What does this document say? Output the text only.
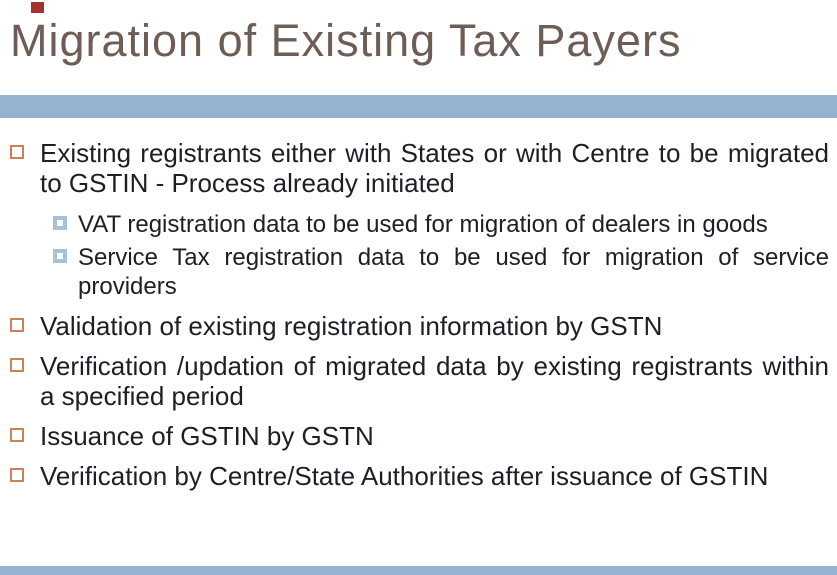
Migration of Existing Tax Payers
Existing registrants either with States or with Centre to be migrated to GSTIN - Process already initiated
VAT registration data to be used for migration of dealers in goods
Service Tax registration data to be used for migration of service providers
Validation of existing registration information by GSTN
Verification /updation of migrated data by existing registrants within a specified period
Issuance of GSTIN by GSTN
Verification by Centre/State Authorities after issuance of GSTIN
